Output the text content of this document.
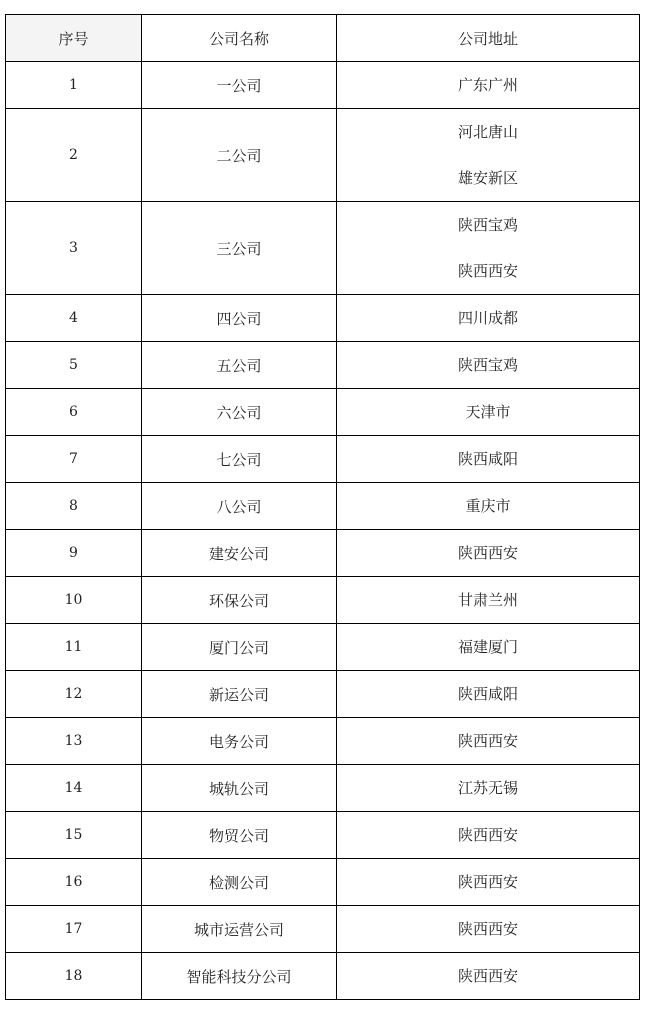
序号	公司名称	公司地址
1	一公司	广东广州

2	二公司	河北唐山
雄安新区

3	三公司	陕西宝鸡
陕西西安

4	四公司	四川成都

5	五公司	陕西宝鸡

6	六公司	天津市

7	七公司	陕西咸阳

8	八公司	重庆市

9	建安公司	陕西西安

10	环保公司	甘肃兰州

11	厦门公司	福建厦门

12	新运公司	陕西咸阳

13	电务公司	陕西西安

14	城轨公司	江苏无锡

15	物贸公司	陕西西安

16	检测公司	陕西西安

17	城市运营公司	陕西西安

18	智能科技分公司	陕西西安
